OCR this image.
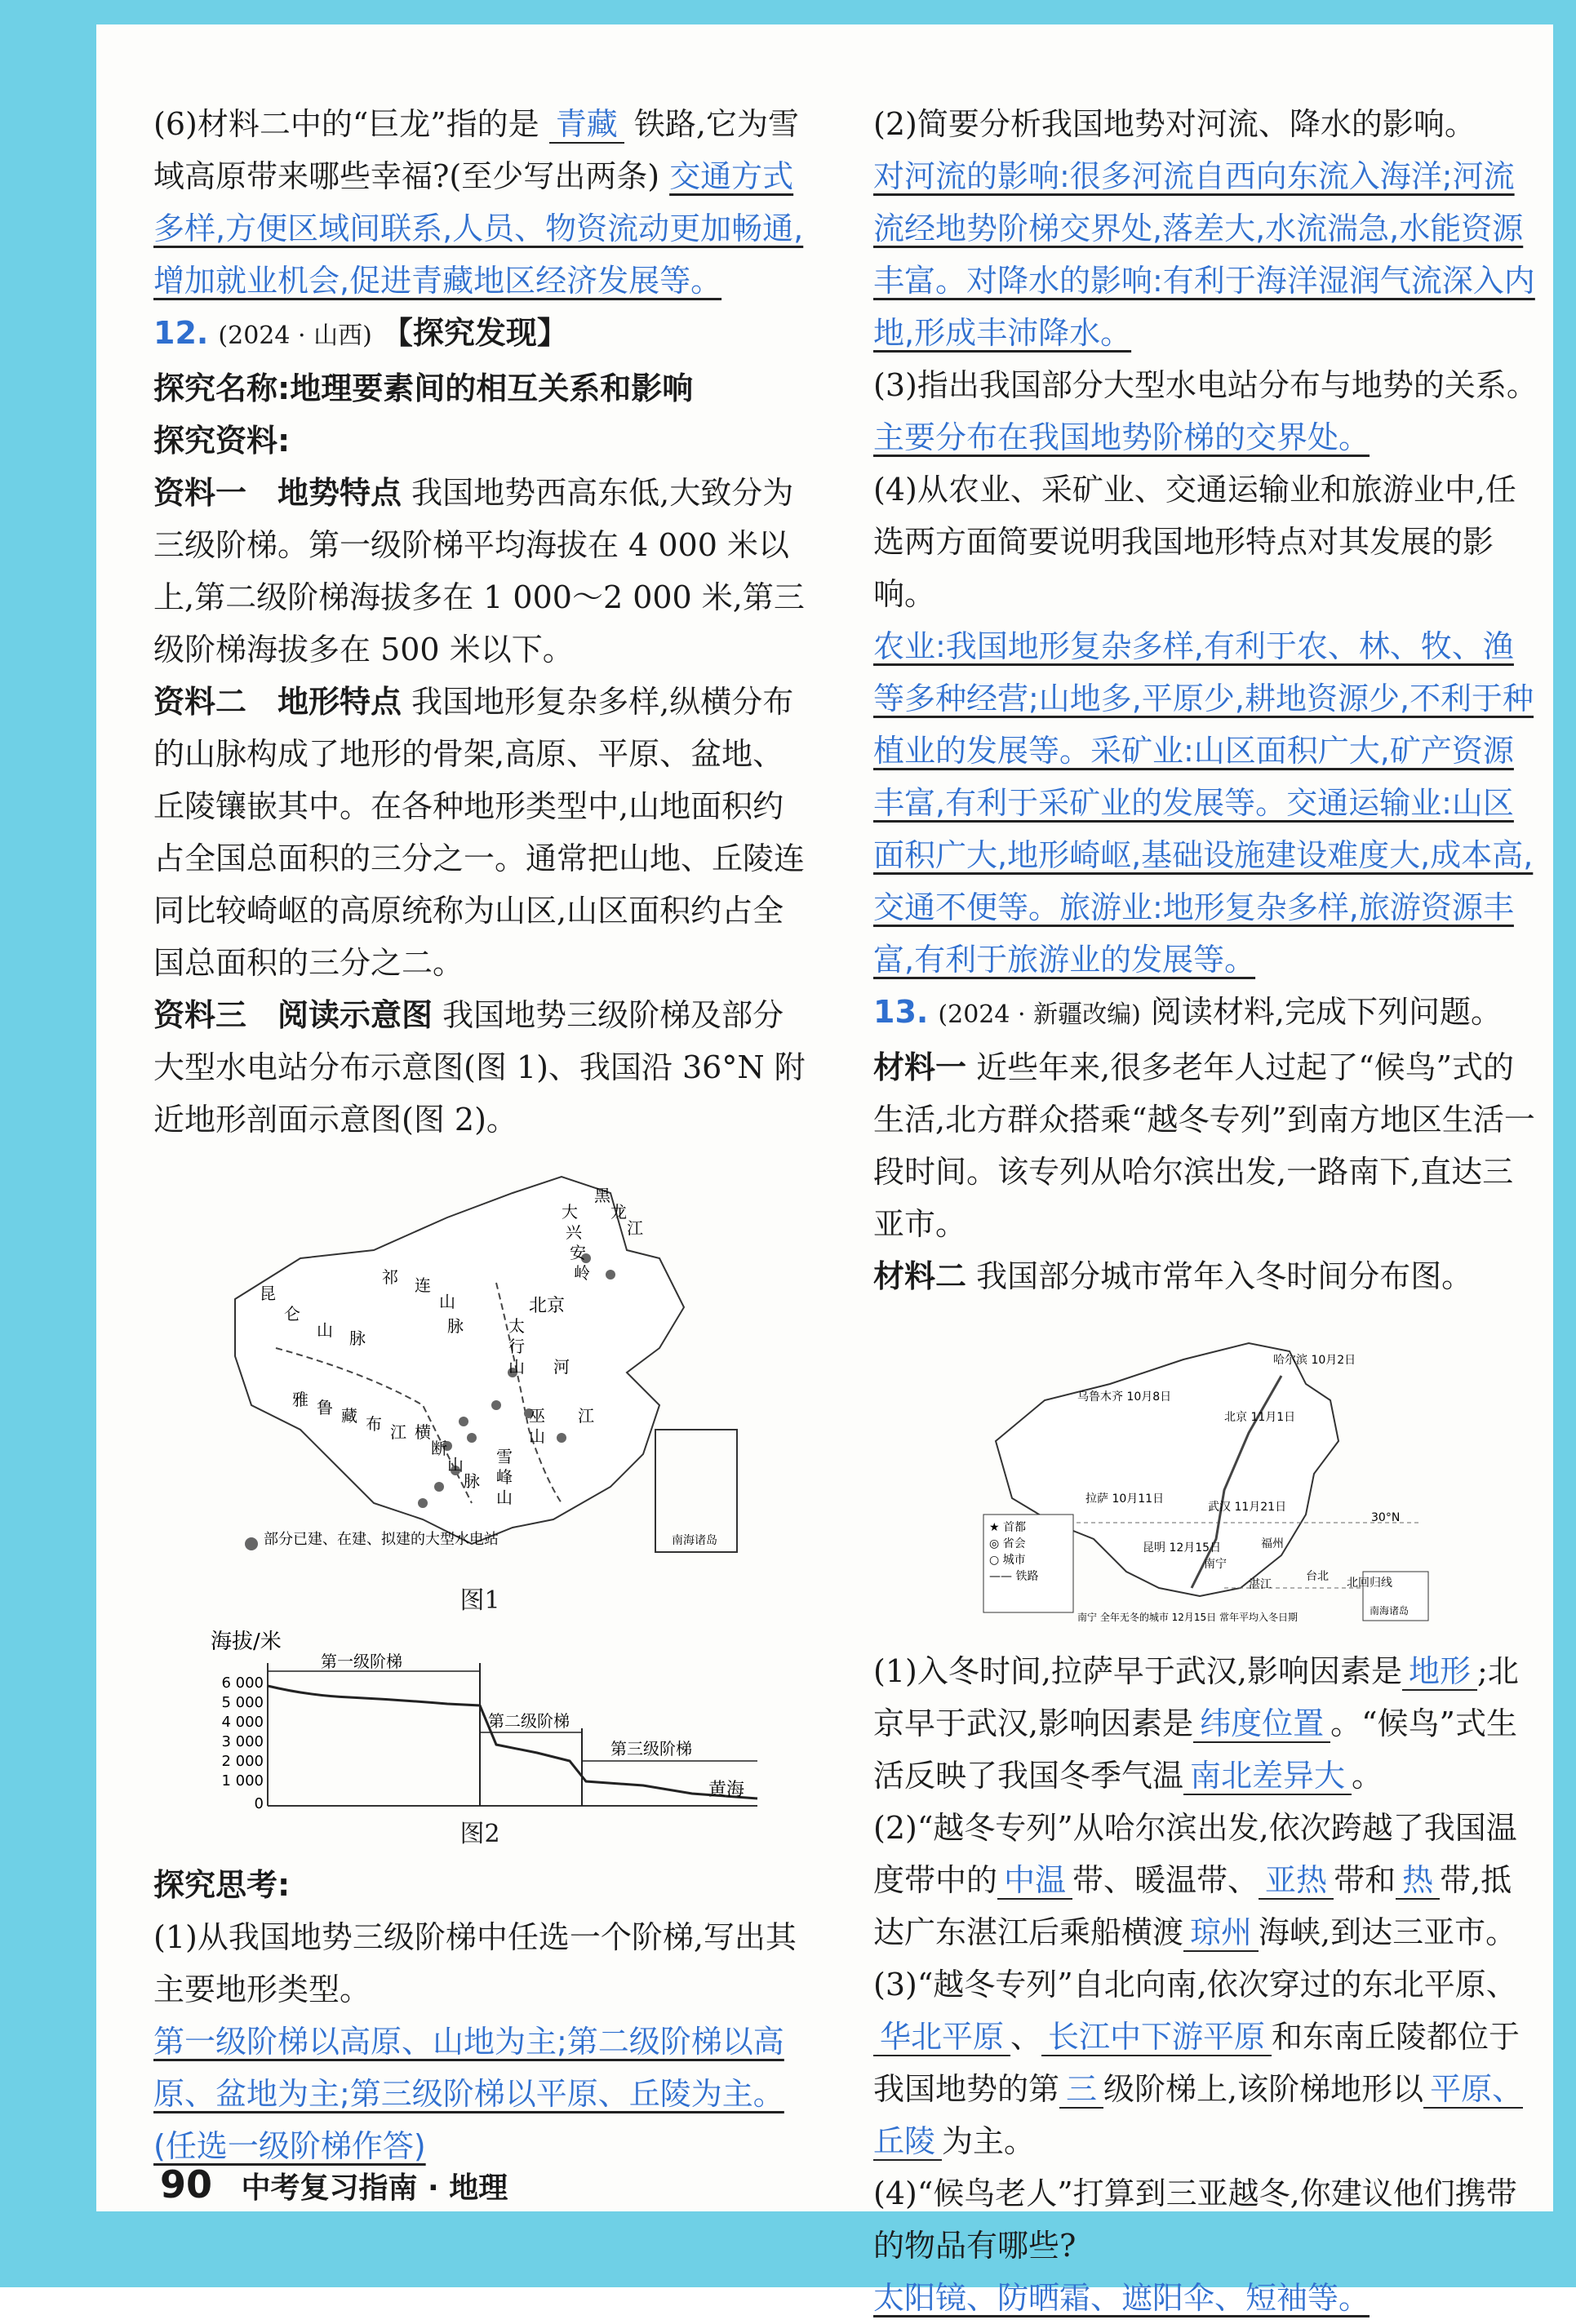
(6)材料二中的“巨龙”指的是 青藏 铁路,它为雪域高原带来哪些幸福?(至少写出两条) 交通方式多样,方便区域间联系,人员、物资流动更加畅通,增加就业机会,促进青藏地区经济发展等。

12. (2024 · 山西) 【探究发现】

探究名称:地理要素间的相互关系和影响

探究资料:

资料一　地势特点 我国地势西高东低,大致分为三级阶梯。第一级阶梯平均海拔在 4 000 米以上,第二级阶梯海拔多在 1 000～2 000 米,第三级阶梯海拔多在 500 米以下。

资料二　地形特点 我国地形复杂多样,纵横分布的山脉构成了地形的骨架,高原、平原、盆地、丘陵镶嵌其中。在各种地形类型中,山地面积约占全国总面积的三分之一。通常把山地、丘陵连同比较崎岖的高原统称为山区,山区面积约占全国总面积的三分之二。

资料三　阅读示意图 我国地势三级阶梯及部分大型水电站分布示意图(图 1)、我国沿 36°N 附近地形剖面示意图(图 2)。

北京
南海诸岛
部分已建、在建、拟建的大型水电站
昆
仑
山 脉
祁 连
山
脉
雅 鲁 藏 布 江
大
兴
安
岭
黑
龙
江
太
行
山
巫
山
雪
峰
山
横
断
山
脉
河
江
图1
海拔/米
6 000
5 000
4 000
3 000
2 000
1 000
0
第一级阶梯
第二级阶梯
第三级阶梯
黄海
图2

探究思考:

(1)从我国地势三级阶梯中任选一个阶梯,写出其主要地形类型。

第一级阶梯以高原、山地为主;第二级阶梯以高原、盆地为主;第三级阶梯以平原、丘陵为主。(任选一级阶梯作答)

(2)简要分析我国地势对河流、降水的影响。

对河流的影响:很多河流自西向东流入海洋;河流流经地势阶梯交界处,落差大,水流湍急,水能资源丰富。对降水的影响:有利于海洋湿润气流深入内地,形成丰沛降水。

(3)指出我国部分大型水电站分布与地势的关系。

主要分布在我国地势阶梯的交界处。

(4)从农业、采矿业、交通运输业和旅游业中,任选两方面简要说明我国地形特点对其发展的影响。

农业:我国地形复杂多样,有利于农、林、牧、渔等多种经营;山地多,平原少,耕地资源少,不利于种植业的发展等。采矿业:山区面积广大,矿产资源丰富,有利于采矿业的发展等。交通运输业:山区面积广大,地形崎岖,基础设施建设难度大,成本高,交通不便等。旅游业:地形复杂多样,旅游资源丰富,有利于旅游业的发展等。

13. (2024 · 新疆改编) 阅读材料,完成下列问题。

材料一 近些年来,很多老年人过起了“候鸟”式的生活,北方群众搭乘“越冬专列”到南方地区生活一段时间。该专列从哈尔滨出发,一路南下,直达三亚市。

材料二 我国部分城市常年入冬时间分布图。

哈尔滨 10月2日
乌鲁木齐 10月8日
北京 11月1日
拉萨 10月11日
武汉 11月21日
昆明 12月15日
南宁
福州
湛江
台北 北回归线
30°N
★ 首都
◎ 省会
○ 城市
—— 铁路
南宁 全年无冬的城市 12月15日 常年平均入冬日期
南海诸岛

(1)入冬时间,拉萨早于武汉,影响因素是 地形 ;北京早于武汉,影响因素是 纬度位置 。“候鸟”式生活反映了我国冬季气温 南北差异大 。

(2)“越冬专列”从哈尔滨出发,依次跨越了我国温度带中的 中温 带、暖温带、 亚热 带和 热 带,抵达广东湛江后乘船横渡 琼州 海峡,到达三亚市。

(3)“越冬专列”自北向南,依次穿过的东北平原、华北平原 、 长江中下游平原 和东南丘陵都位于我国地势的第 三 级阶梯上,该阶梯地形以 平原、丘陵 为主。

(4)“候鸟老人”打算到三亚越冬,你建议他们携带的物品有哪些?

太阳镜、防晒霜、遮阳伞、短袖等。

90 中考复习指南 · 地理
